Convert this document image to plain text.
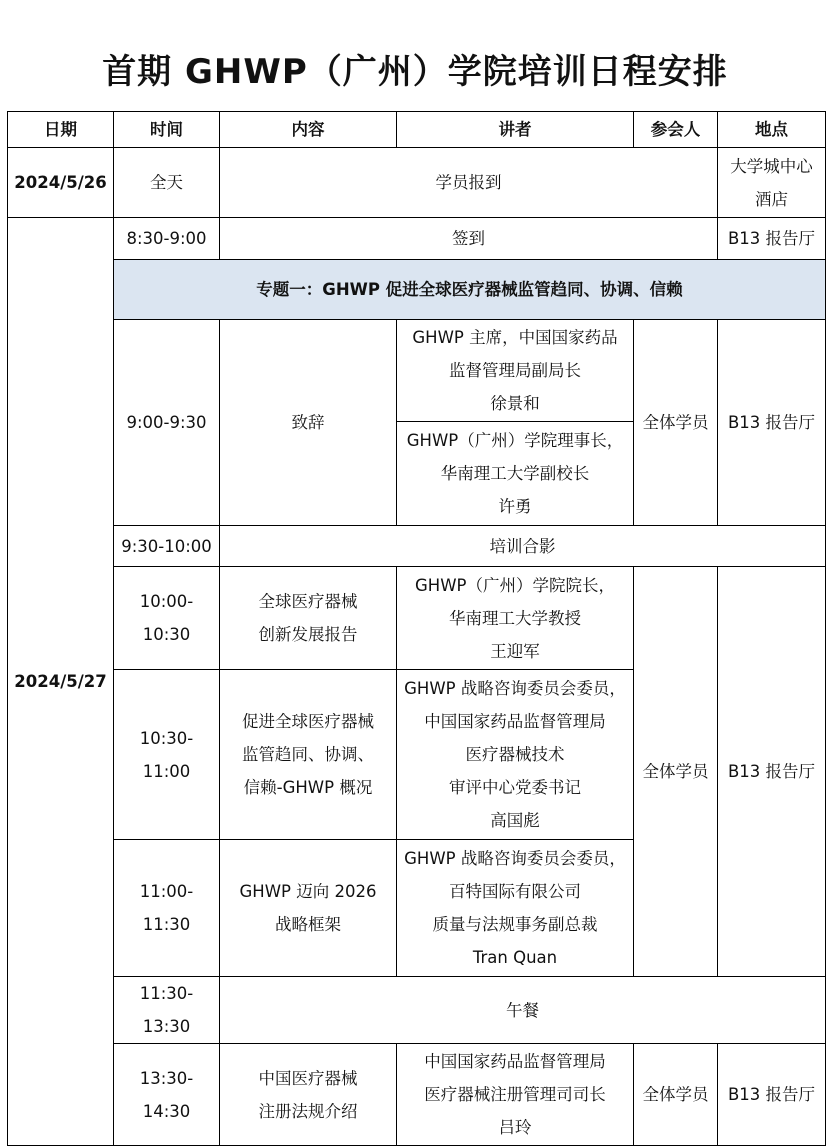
首期 GHWP（广州）学院培训日程安排
日期	时间	内容	讲者	参会人	地点
2024/5/26	全天	学员报到			大学城中心
酒店

2024/5/27	8:30-9:00	签到			B13 报告厅
	专题一：GHWP 促进全球医疗器械监管趋同、协调、信赖				
	9:00-9:30	致辞	GHWP 主席，中国国家药品
监督管理局副局长
徐景和	全体学员	B13 报告厅

			GHWP（广州）学院理事长，
华南理工大学副校长
许勇		

	9:30-10:00	培训合影			
	10:00-10:30	全球医疗器械
创新发展报告	GHWP（广州）学院院长，
华南理工大学教授
王迎军	全体学员	B13 报告厅
	10:30-11:00	促进全球医疗器械
监管趋同、协调、
信赖-GHWP 概况	GHWP 战略咨询委员会委员，
中国国家药品监督管理局
医疗器械技术
审评中心党委书记
高国彪		

	11:00-11:30	GHWP 迈向 2026
战略框架	GHWP 战略咨询委员会委员，
百特国际有限公司
质量与法规事务副总裁
Tran Quan		

	11:30-13:30	午餐			
	13:30-14:30	中国医疗器械
注册法规介绍	中国国家药品监督管理局
医疗器械注册管理司司长
吕玲	全体学员	B13 报告厅
